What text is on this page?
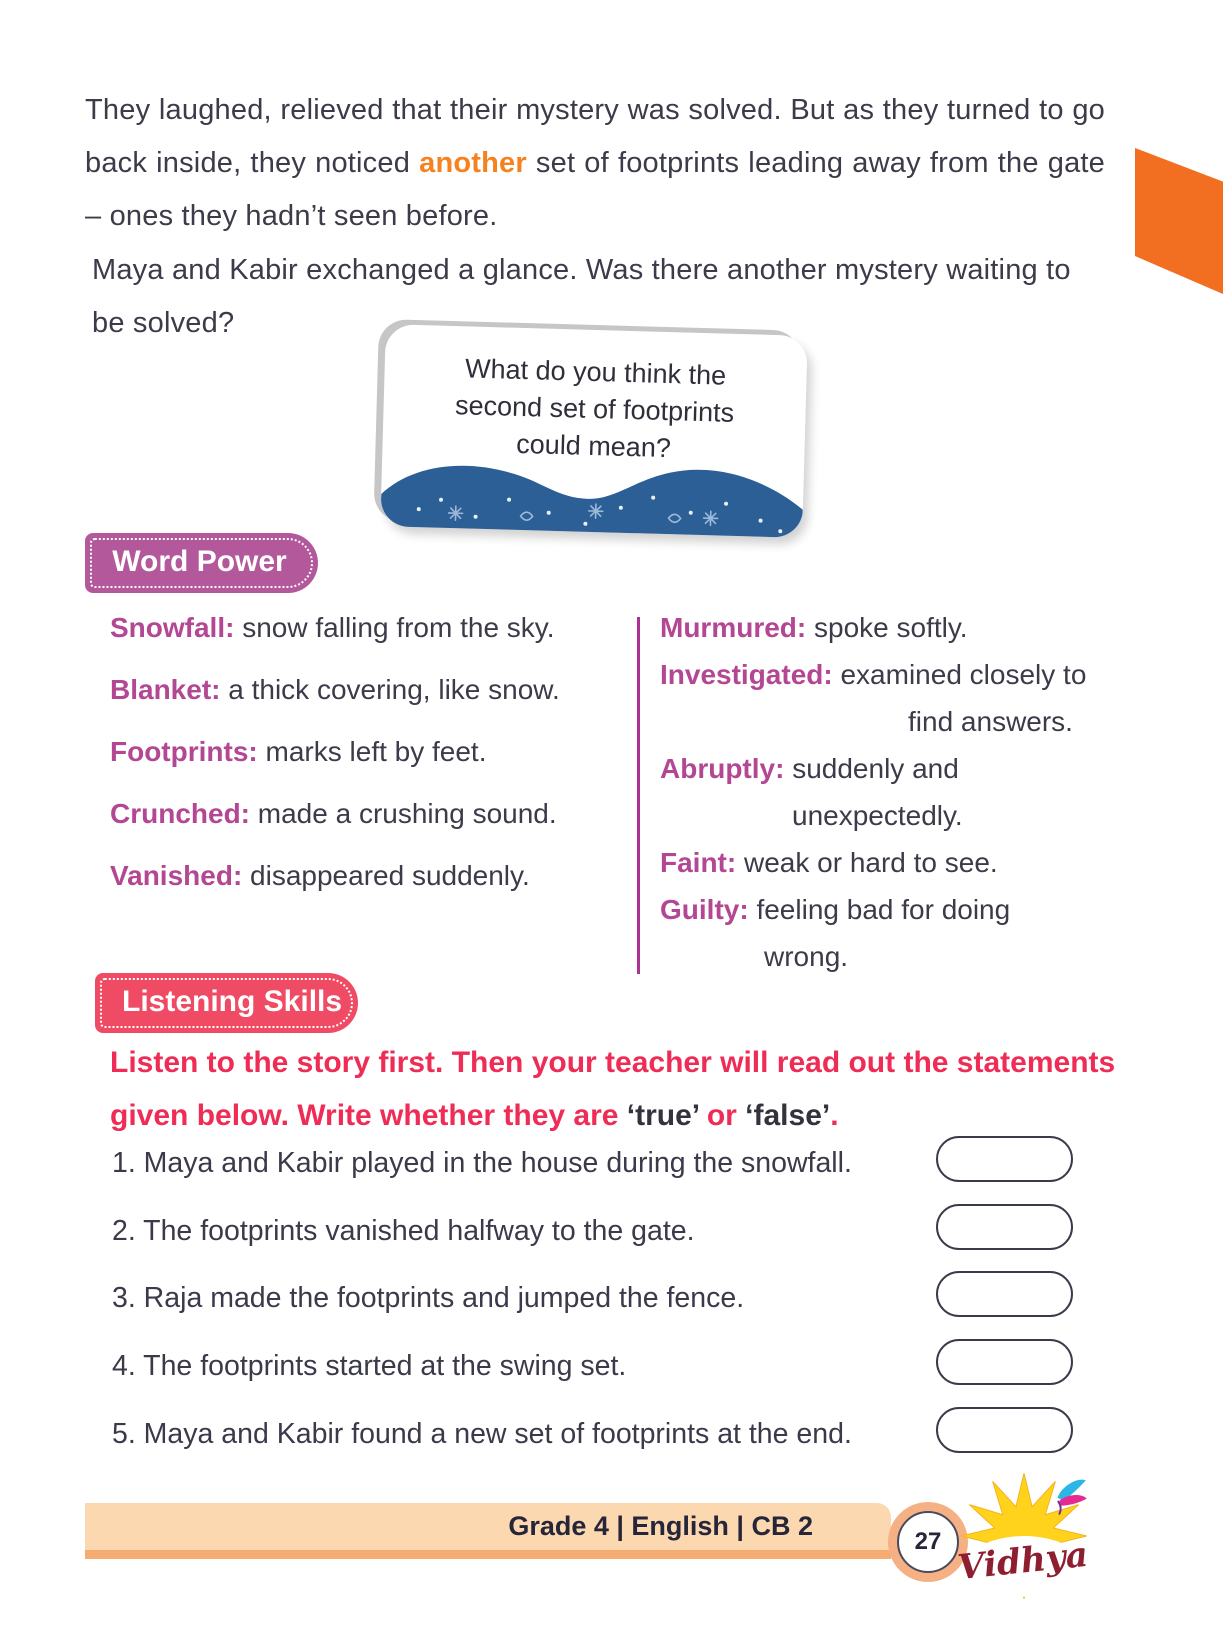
They laughed, relieved that their mystery was solved. But as they turned to go back inside, they noticed another set of footprints leading away from the gate – ones they hadn’t seen before.

Maya and Kabir exchanged a glance. Was there another mystery waiting to be solved?

What do you think the
second set of footprints
could mean?
Word Power
Snowfall: snow falling from the sky.
Blanket: a thick covering, like snow.
Footprints: marks left by feet.
Crunched: made a crushing sound.
Vanished: disappeared suddenly.
Murmured: spoke softly.
Investigated: examined closely to
find answers.
Abruptly: suddenly and
unexpectedly.
Faint: weak or hard to see.
Guilty: feeling bad for doing
wrong.
Listening Skills

Listen to the story first. Then your teacher will read out the statements given below. Write whether they are ‘true’ or ‘false’.

1. Maya and Kabir played in the house during the snowfall.

2. The footprints vanished halfway to the gate.

3. Raja made the footprints and jumped the fence.

4. The footprints started at the swing set.

5. Maya and Kabir found a new set of footprints at the end.

Grade 4 | English | CB 2
27 Vidhya
